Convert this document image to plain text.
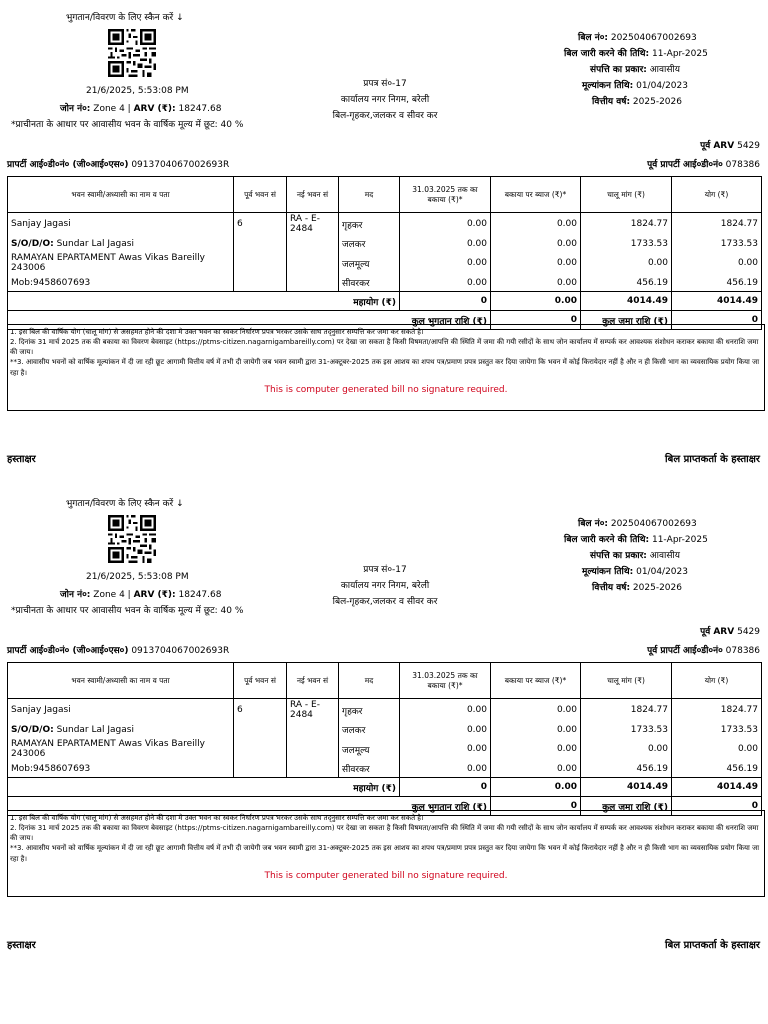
भुगतान/विवरण के लिए स्कैन करें ↓
21/6/2025, 5:53:08 PM
जोन नं०: Zone 4 | ARV (₹): 18247.68
*प्राचीनता के आधार पर आवासीय भवन के वार्षिक मूल्य में छूट: 40 %
प्रपत्र सं०-17
कार्यालय नगर निगम, बरेली
बिल-गृहकर,जलकर व सीवर कर
बिल नं०: 202504067002693
बिल जारी करने की तिथि: 11-Apr-2025
संपत्ति का प्रकार: आवासीय
मूल्यांकन तिथि: 01/04/2023
वित्तीय वर्ष: 2025-2026
पूर्व ARV 5429
प्रापर्टी आई०डी०नं० (जी०आई०एस०) 0913704067002693R	पूर्व प्रापर्टी आई०डी०नं० 078386
भवन स्वामी/अध्यासी का नाम व पता	पूर्व भवन सं	नई भवन सं	मद	31.03.2025 तक का बकाया (₹)*	बकाया पर ब्याज (₹)*	चालू मांग (₹)	योग (₹)
Sanjay Jagasi	6	RA - E-2484	गृहकर	0.00	0.00	1824.77	1824.77
S/O/D/O: Sundar Lal Jagasi			जलकर	0.00	0.00	1733.53	1733.53
RAMAYAN EPARTAMENT Awas Vikas Bareilly 243006			जलमूल्य	0.00	0.00	0.00	0.00
Mob:9458607693			सीवरकर	0.00	0.00	456.19	456.19
महायोग (₹)				0	0.00	4014.49	4014.49
कुल भुगतान राशि (₹)					0	कुल जमा राशि (₹)	0
1. इस बिल की वार्षिक योग (चालू मांग) से असहमत होने की दशा मे उक्त भवन का स्वकर निर्धारण प्रपत्र भरकर उसके साथ तद्नुसार सम्पत्ति कर जमा कर सकते है।
2. दिनांक 31 मार्च 2025 तक की बकाया का विवरण बेवसाइट (https://ptms-citizen.nagarnigambareilly.com) पर देखा जा सकता है किसी विषमता/आपत्ति की स्थिति में जमा की गयी रसीदों के साथ जोन कार्यालय में सम्पर्क कर आवश्यक संशोधन कराकर बकाया की धनराशि जमा की जाय।
**3. आवासीय भवनों को वार्षिक मूल्यांकन में दी जा रही छूट आगामी वित्तीय वर्ष में तभी दी जायेगी जब भवन स्वामी द्वारा 31-अक्टूबर-2025 तक इस आशय का शपथ पत्र/प्रमाण प्रपत्र प्रस्तुत कर दिया जायेगा कि भवन में कोई किरायेदार नहीं है और न ही किसी भाग का व्यवसायिक प्रयोग किया जा रहा है।
This is computer generated bill no signature required.
हस्ताक्षर	बिल प्राप्तकर्ता के हस्ताक्षर
भुगतान/विवरण के लिए स्कैन करें ↓
21/6/2025, 5:53:08 PM
जोन नं०: Zone 4 | ARV (₹): 18247.68
*प्राचीनता के आधार पर आवासीय भवन के वार्षिक मूल्य में छूट: 40 %
प्रपत्र सं०-17
कार्यालय नगर निगम, बरेली
बिल-गृहकर,जलकर व सीवर कर
बिल नं०: 202504067002693
बिल जारी करने की तिथि: 11-Apr-2025
संपत्ति का प्रकार: आवासीय
मूल्यांकन तिथि: 01/04/2023
वित्तीय वर्ष: 2025-2026
पूर्व ARV 5429
प्रापर्टी आई०डी०नं० (जी०आई०एस०) 0913704067002693R	पूर्व प्रापर्टी आई०डी०नं० 078386
भवन स्वामी/अध्यासी का नाम व पता	पूर्व भवन सं	नई भवन सं	मद	31.03.2025 तक का बकाया (₹)*	बकाया पर ब्याज (₹)*	चालू मांग (₹)	योग (₹)
Sanjay Jagasi	6	RA - E-2484	गृहकर	0.00	0.00	1824.77	1824.77
S/O/D/O: Sundar Lal Jagasi			जलकर	0.00	0.00	1733.53	1733.53
RAMAYAN EPARTAMENT Awas Vikas Bareilly 243006			जलमूल्य	0.00	0.00	0.00	0.00
Mob:9458607693			सीवरकर	0.00	0.00	456.19	456.19
महायोग (₹)				0	0.00	4014.49	4014.49
कुल भुगतान राशि (₹)					0	कुल जमा राशि (₹)	0
1. इस बिल की वार्षिक योग (चालू मांग) से असहमत होने की दशा मे उक्त भवन का स्वकर निर्धारण प्रपत्र भरकर उसके साथ तद्नुसार सम्पत्ति कर जमा कर सकते है।
2. दिनांक 31 मार्च 2025 तक की बकाया का विवरण बेवसाइट (https://ptms-citizen.nagarnigambareilly.com) पर देखा जा सकता है किसी विषमता/आपत्ति की स्थिति में जमा की गयी रसीदों के साथ जोन कार्यालय में सम्पर्क कर आवश्यक संशोधन कराकर बकाया की धनराशि जमा की जाय।
**3. आवासीय भवनों को वार्षिक मूल्यांकन में दी जा रही छूट आगामी वित्तीय वर्ष में तभी दी जायेगी जब भवन स्वामी द्वारा 31-अक्टूबर-2025 तक इस आशय का शपथ पत्र/प्रमाण प्रपत्र प्रस्तुत कर दिया जायेगा कि भवन में कोई किरायेदार नहीं है और न ही किसी भाग का व्यवसायिक प्रयोग किया जा रहा है।
This is computer generated bill no signature required.
हस्ताक्षर	बिल प्राप्तकर्ता के हस्ताक्षर
